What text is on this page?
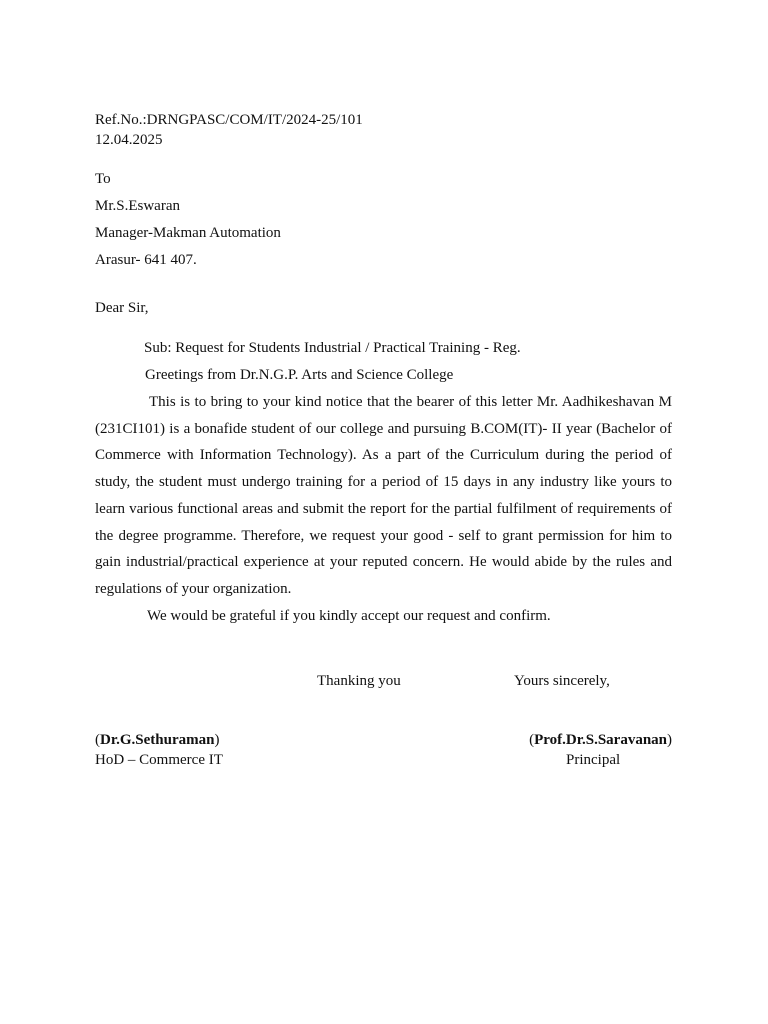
Ref.No.:DRNGPASC/COM/IT/2024-25/101
12.04.2025
To
Mr.S.Eswaran
Manager-Makman Automation
Arasur- 641 407.
Dear Sir,
Sub: Request for Students Industrial / Practical Training - Reg.
Greetings from Dr.N.G.P. Arts and Science College

This is to bring to your kind notice that the bearer of this letter Mr. Aadhikeshavan M (231CI101) is a bonafide student of our college and pursuing B.COM(IT)- II year (Bachelor of Commerce with Information Technology). As a part of the Curriculum during the period of study, the student must undergo training for a period of 15 days in any industry like yours to learn various functional areas and submit the report for the partial fulfilment of requirements of the degree programme. Therefore, we request your good - self to grant permission for him to gain industrial/practical experience at your reputed concern. He would abide by the rules and regulations of your organization.

We would be grateful if you kindly accept our request and confirm.
Thanking you	Yours sincerely,
(Dr.G.Sethuraman)	(Prof.Dr.S.Saravanan)
HoD – Commerce IT	Principal
